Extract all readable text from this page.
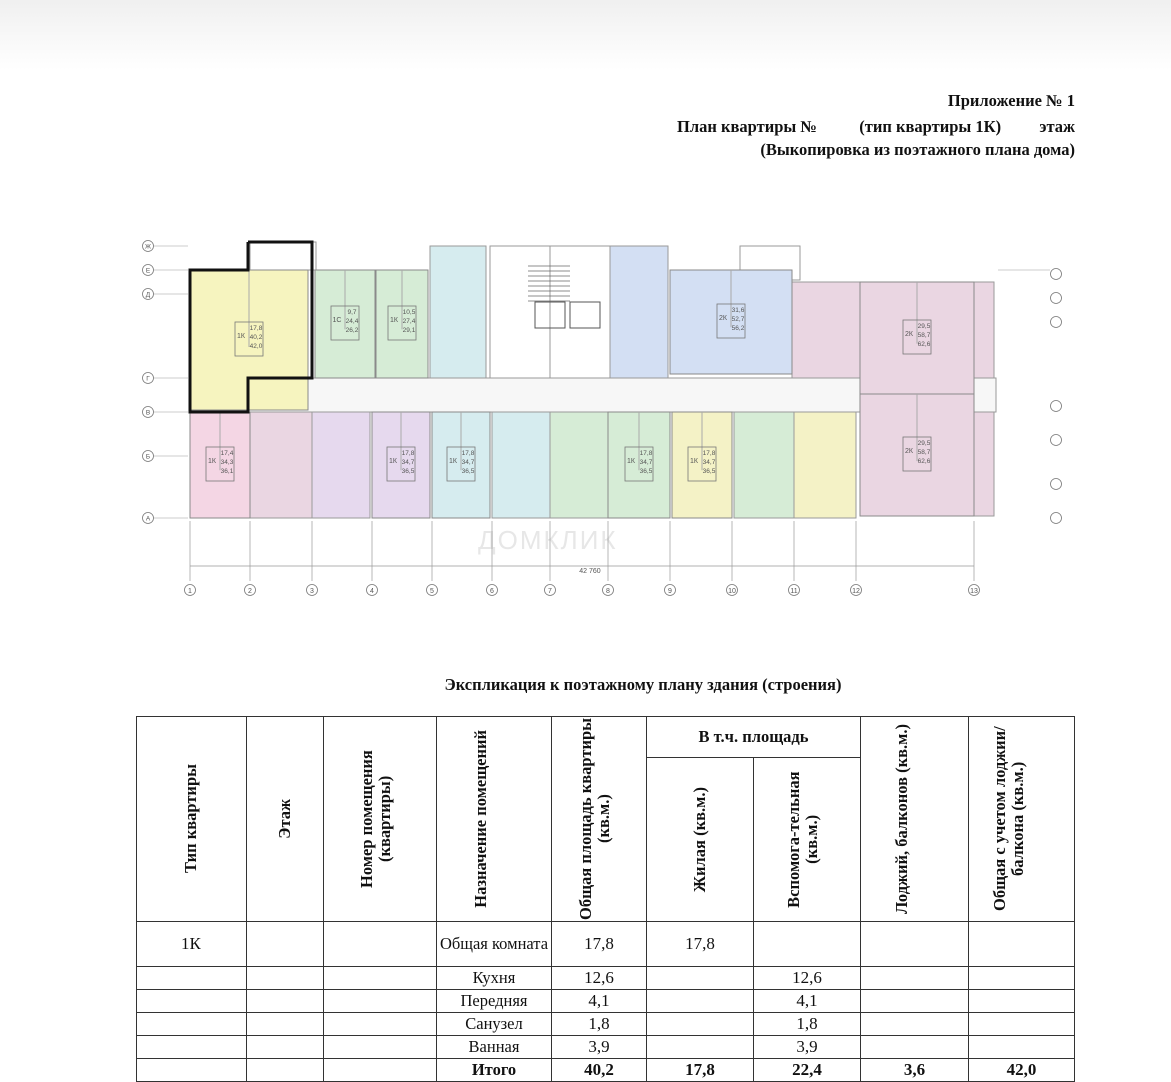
Приложение № 1
План квартиры №	(тип квартиры 1К) этаж
(Выкопировка из поэтажного плана дома)
1	2	3	4	5	6	7	8	9	10	11	12	13
42 760
Ж
Е
Д
Г
В
Б
А
1К
17,8
40,2
42,0
1С
9,7
24,4
26,2
1К
10,5
27,4
29,1
2К
31,6
52,7
56,2
2К
29,5
58,7
62,6
2К
29,5
58,7
62,6
1К
17,4
34,3
36,1
1К
17,8
34,7
36,5
1К
17,8
34,7
36,5
1К
17,8
34,7
36,5
1К
17,8
34,7
36,5
ДОМКЛИК
Экспликация к поэтажному плану здания (строения)
Тип квартиры	Этаж	Номер помещения (квартиры)	Назначение помещений	Общая площадь квартиры (кв.м.)	В т.ч. площадь		Лоджий, балконов (кв.м.)	Общая с учетом лоджии/балкона (кв.м.)

					Жилая (кв.м.)	Вспомога-тельная (кв.м.)		

1К			Общая комната	17,8	17,8			
			Кухня	12,6		12,6		
			Передняя	4,1		4,1		
			Санузел	1,8		1,8		
			Ванная	3,9		3,9		
			Итого	40,2	17,8	22,4	3,6	42,0
